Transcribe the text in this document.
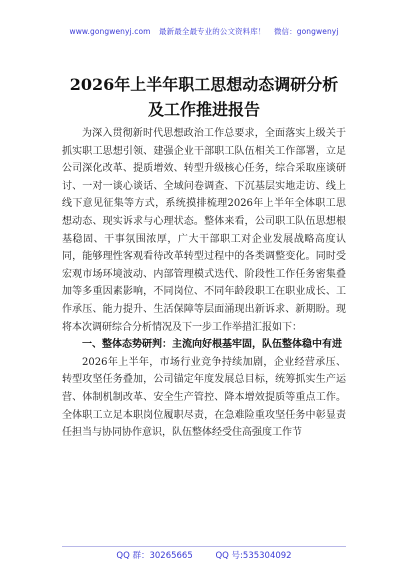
www.gongwenyj.com 最新最全最专业的公文资料库！ 微信：gongwenyj
2026年上半年职工思想动态调研分析及工作推进报告

为深入贯彻新时代思想政治工作总要求，全面落实上级关于抓实职工思想引领、建强企业干部职工队伍相关工作部署，立足公司深化改革、提质增效、转型升级核心任务，综合采取座谈研讨、一对一谈心谈话、全域问卷调查、下沉基层实地走访、线上线下意见征集等方式，系统摸排梳理2026年上半年全体职工思想动态、现实诉求与心理状态。整体来看，公司职工队伍思想根基稳固、干事氛围浓厚，广大干部职工对企业发展战略高度认同，能够理性客观看待改革转型过程中的各类调整变化。同时受宏观市场环境波动、内部管理模式迭代、阶段性工作任务密集叠加等多重因素影响，不同岗位、不同年龄段职工在职业成长、工作承压、能力提升、生活保障等层面涌现出新诉求、新期盼。现将本次调研综合分析情况及下一步工作举措汇报如下：

一、整体态势研判：主流向好根基牢固，队伍整体稳中有进

2026年上半年，市场行业竞争持续加剧，企业经营承压、转型攻坚任务叠加，公司锚定年度发展总目标，统筹抓实生产运营、体制机制改革、安全生产管控、降本增效提质等重点工作。全体职工立足本职岗位履职尽责，在急难险重攻坚任务中彰显责任担当与协同协作意识，队伍整体经受住高强度工作节

QQ 群：30265665	QQ 号:535304092
